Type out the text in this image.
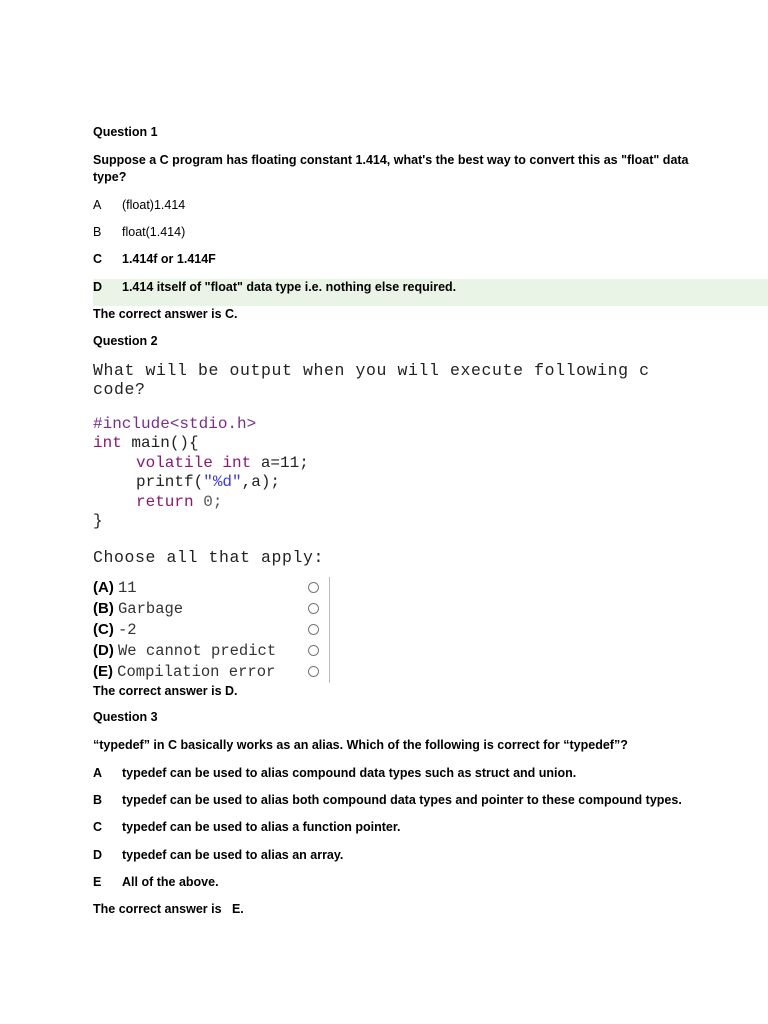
Question 1
Suppose a C program has floating constant 1.414, what's the best way to convert this as "float" data
type?
A (float)1.414
B float(1.414)
C 1.414f or 1.414F
D 1.414 itself of "float" data type i.e. nothing else required.
The correct answer is C.
Question 2
What will be output when you will execute following c
code?
#include<stdio.h>
int main(){
volatile int a=11;
printf("%d",a);
return 0;
}
Choose all that apply:
(A) 11
(B) Garbage
(C) -2
(D) We cannot predict
(E) Compilation error
The correct answer is D.
Question 3
“typedef” in C basically works as an alias. Which of the following is correct for “typedef”?
A typedef can be used to alias compound data types such as struct and union.
B typedef can be used to alias both compound data types and pointer to these compound types.
C typedef can be used to alias a function pointer.
D typedef can be used to alias an array.
E All of the above.
The correct answer is   E.
